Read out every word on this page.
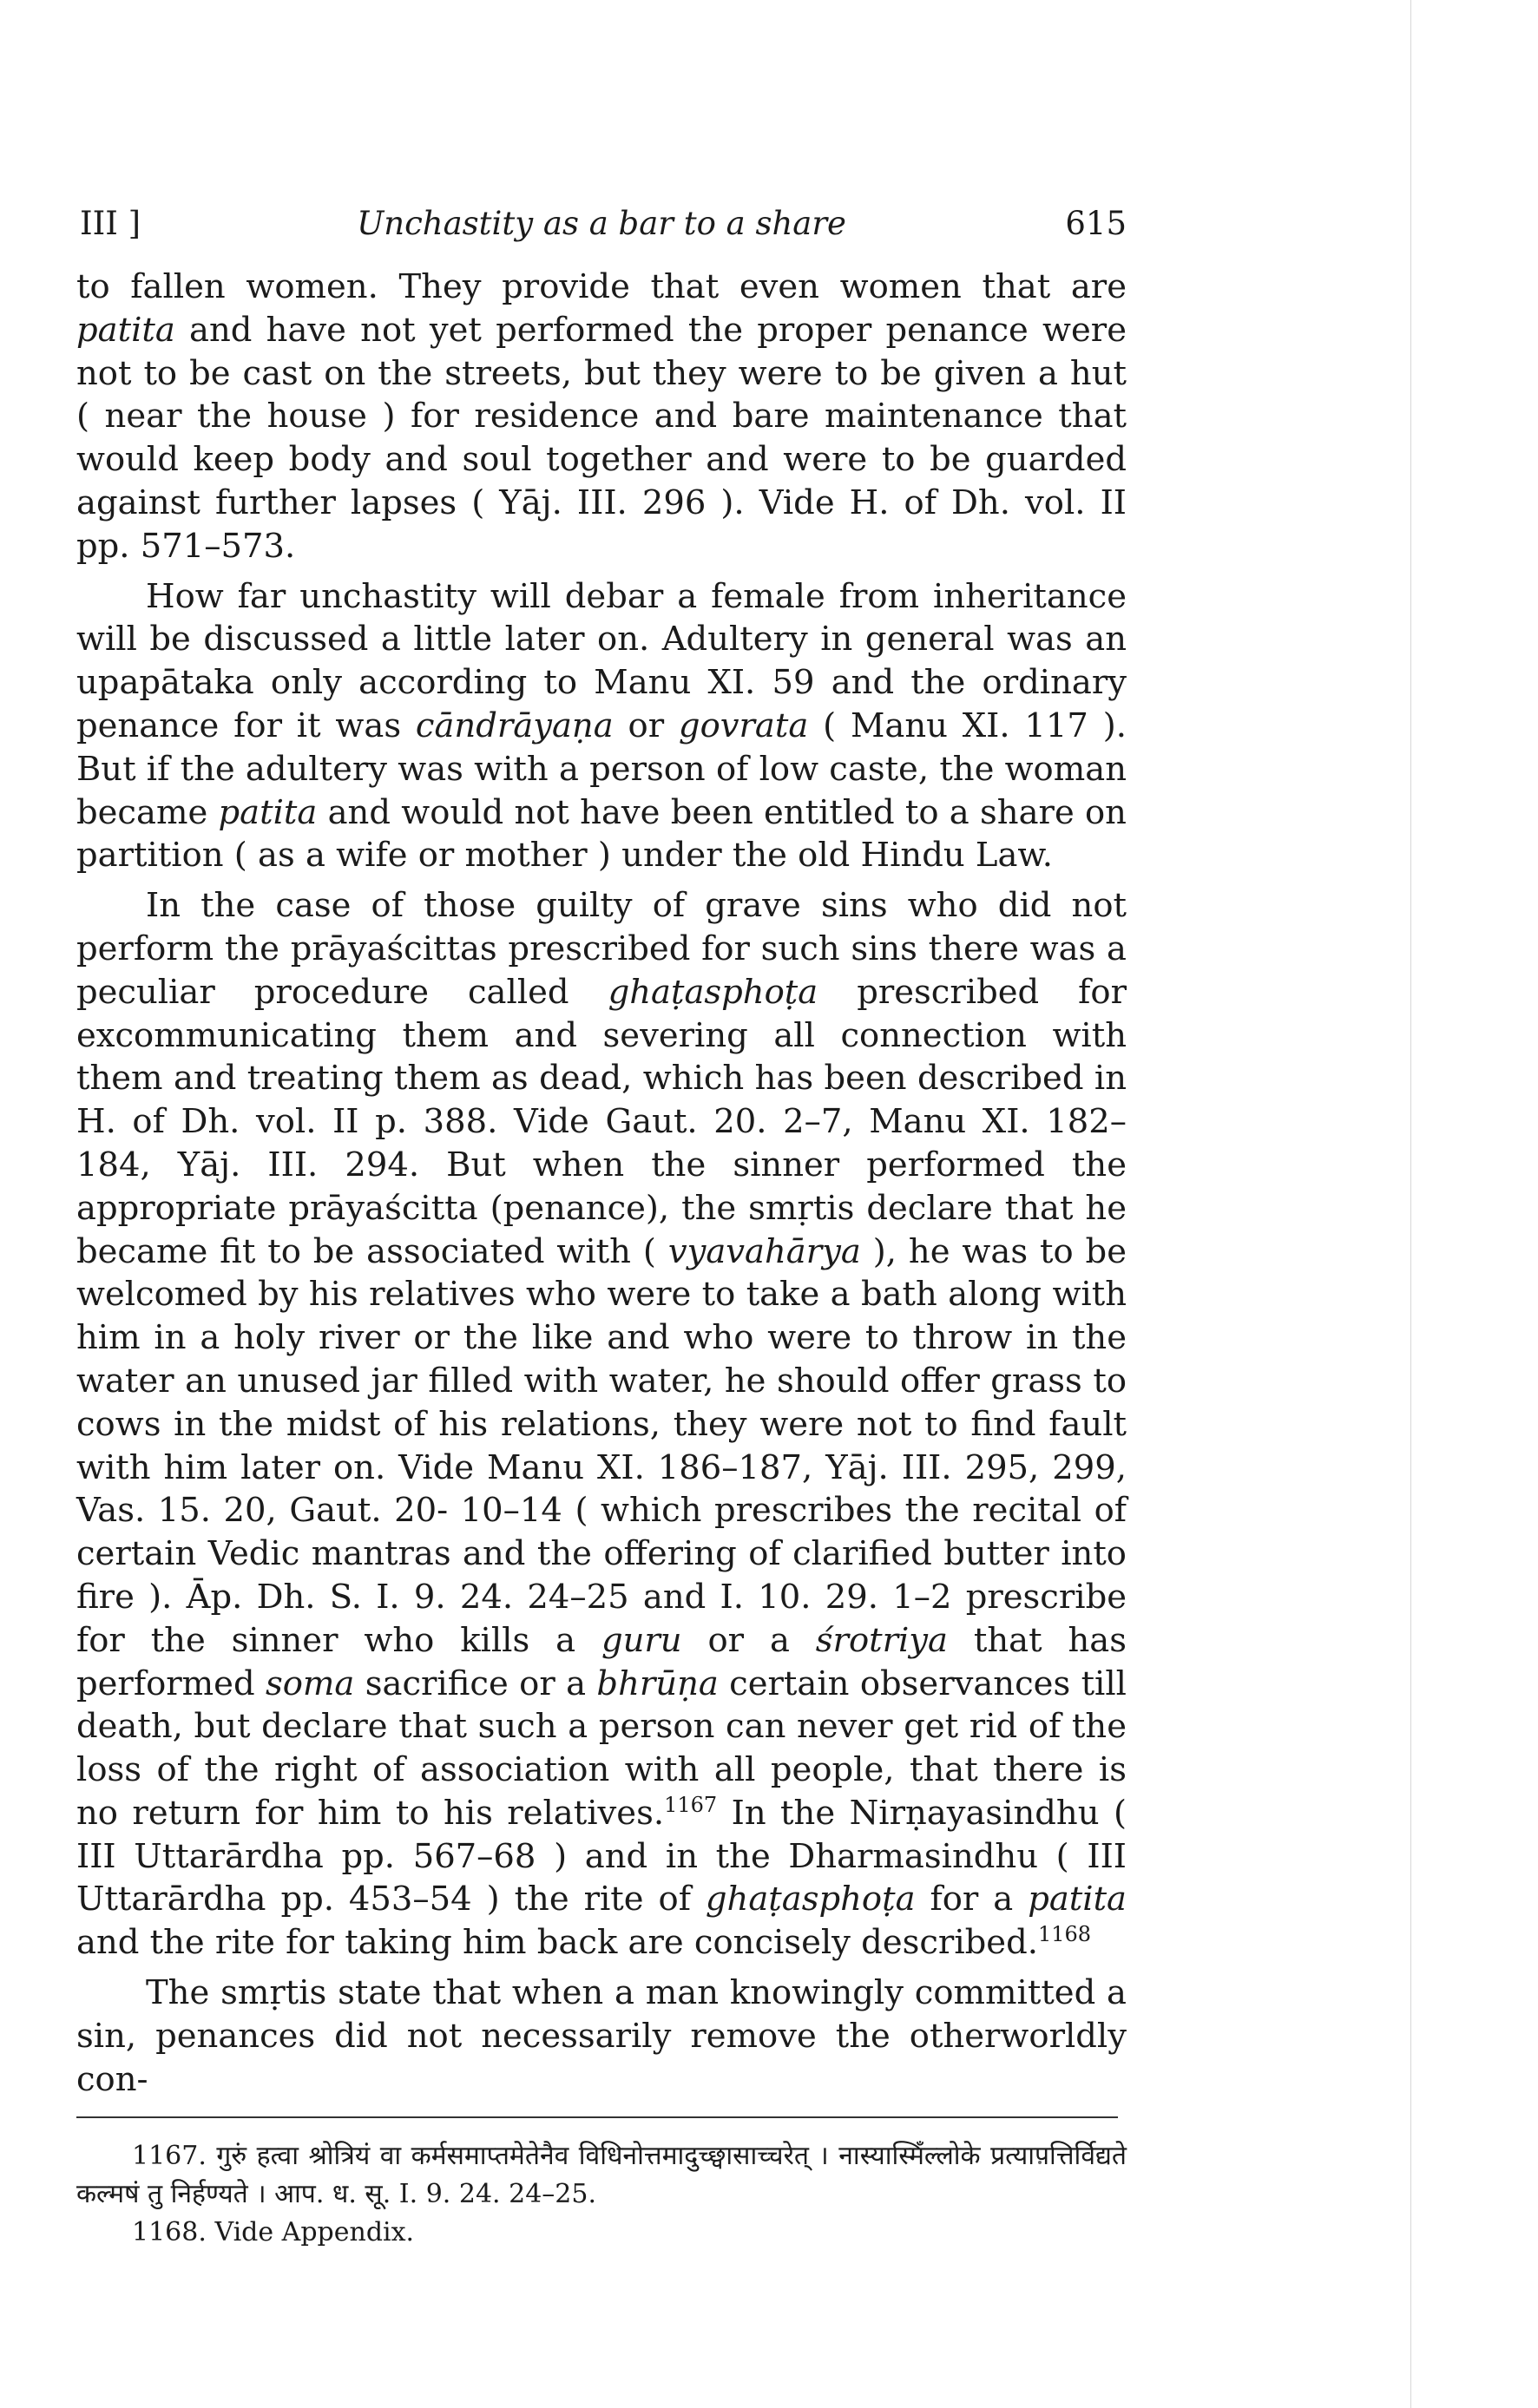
III ]	Unchastity as a bar to a share	615

to fallen women. They provide that even women that are patita and have not yet performed the proper penance were not to be cast on the streets, but they were to be given a hut ( near the house ) for residence and bare maintenance that would keep body and soul together and were to be guarded against further lapses ( Yāj. III. 296 ). Vide H. of Dh. vol. II pp. 571–573.

How far unchastity will debar a female from inheritance will be discussed a little later on. Adultery in general was an upapātaka only according to Manu XI. 59 and the ordinary penance for it was cāndrāyaṇa or govrata ( Manu XI. 117 ). But if the adultery was with a person of low caste, the woman became patita and would not have been entitled to a share on partition ( as a wife or mother ) under the old Hindu Law.

In the case of those guilty of grave sins who did not perform the prāyaścittas prescribed for such sins there was a peculiar procedure called ghaṭasphoṭa prescribed for excommunicating them and severing all connection with them and treating them as dead, which has been described in H. of Dh. vol. II p. 388. Vide Gaut. 20. 2–7, Manu XI. 182–184, Yāj. III. 294. But when the sinner performed the appropriate prāyaścitta (penance), the smṛtis declare that he became fit to be associated with ( vyavahārya ), he was to be welcomed by his relatives who were to take a bath along with him in a holy river or the like and who were to throw in the water an unused jar filled with water, he should offer grass to cows in the midst of his relations, they were not to find fault with him later on. Vide Manu XI. 186–187, Yāj. III. 295, 299, Vas. 15. 20, Gaut. 20- 10–14 ( which prescribes the recital of certain Vedic mantras and the offering of clarified butter into fire ). Āp. Dh. S. I. 9. 24. 24–25 and I. 10. 29. 1–2 prescribe for the sinner who kills a guru or a śrotriya that has performed soma sacrifice or a bhrūṇa certain observances till death, but declare that such a person can never get rid of the loss of the right of association with all people, that there is no return for him to his relatives.$^{1167}$ In the Nirṇayasindhu ( III Uttarārdha pp. 567–68 ) and in the Dharmasindhu ( III Uttarārdha pp. 453–54 ) the rite of ghaṭasphoṭa for a patita and the rite for taking him back are concisely described.$^{1168}$

The smṛtis state that when a man knowingly committed a sin, penances did not necessarily remove the otherworldly con-

1167. गुरुं हत्वा श्रोत्रियं वा कर्मसमाप्तमेतेनैव विधिनोत्तमादुच्छ्वासाच्चरेत् । नास्यास्मिँल्लोके प्रत्यापत्तिर्विद्यते कल्मषं तु निर्हण्यते । आप. ध. सू. I. 9. 24. 24–25.

1168. Vide Appendix.
